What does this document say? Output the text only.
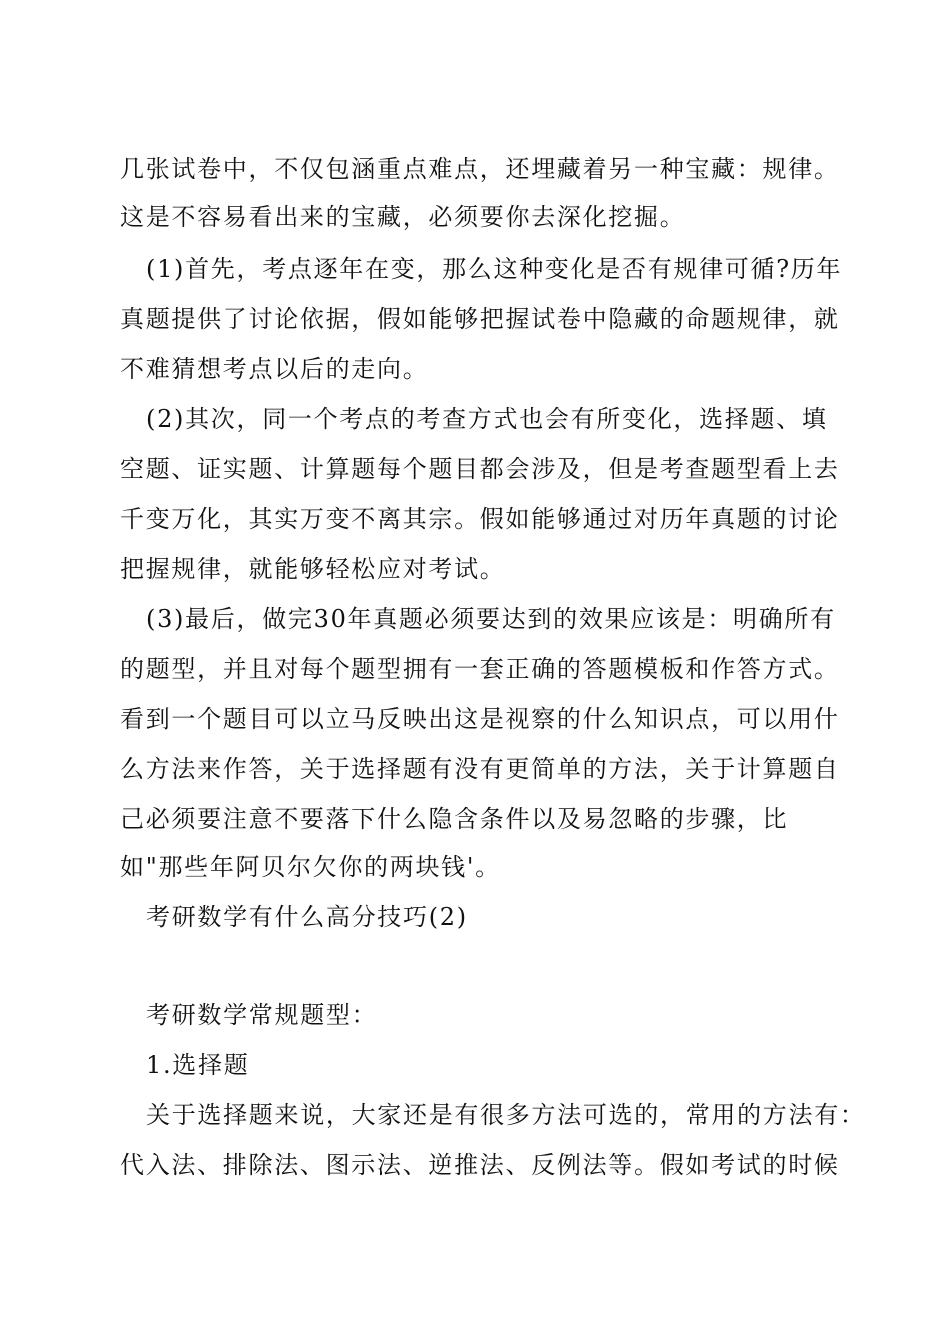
几张试卷中，不仅包涵重点难点，还埋藏着另一种宝藏：规律。
这是不容易看出来的宝藏，必须要你去深化挖掘。
(1)首先，考点逐年在变，那么这种变化是否有规律可循?历年
真题提供了讨论依据，假如能够把握试卷中隐藏的命题规律，就
不难猜想考点以后的走向。
(2)其次，同一个考点的考查方式也会有所变化，选择题、填
空题、证实题、计算题每个题目都会涉及，但是考查题型看上去
千变万化，其实万变不离其宗。假如能够通过对历年真题的讨论
把握规律，就能够轻松应对考试。
(3)最后，做完30年真题必须要达到的效果应该是：明确所有
的题型，并且对每个题型拥有一套正确的答题模板和作答方式。
看到一个题目可以立马反映出这是视察的什么知识点，可以用什
么方法来作答，关于选择题有没有更简单的方法，关于计算题自
己必须要注意不要落下什么隐含条件以及易忽略的步骤，比
如"那些年阿贝尔欠你的两块钱'。
考研数学有什么高分技巧(2)
考研数学常规题型：
1.选择题
关于选择题来说，大家还是有很多方法可选的，常用的方法有：
代入法、排除法、图示法、逆推法、反例法等。假如考试的时候
